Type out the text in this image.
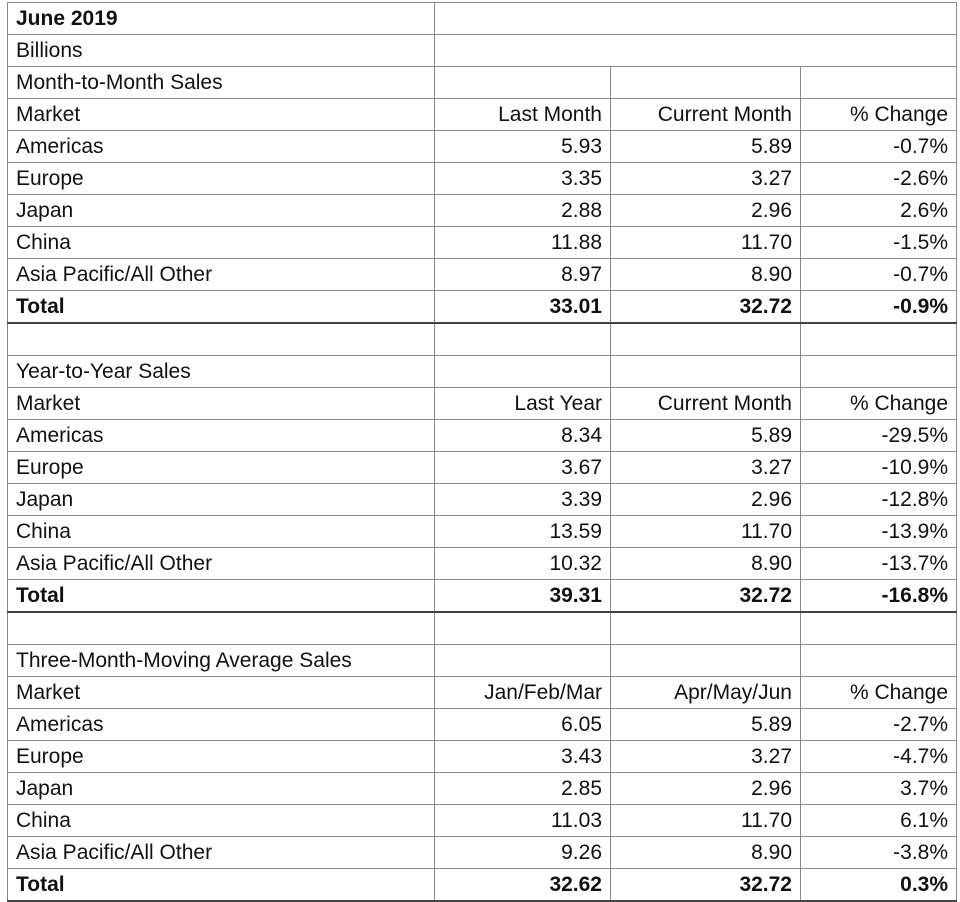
June 2019			
Billions			
Month-to-Month Sales			
Market	Last Month	Current Month	% Change
Americas	5.93	5.89	-0.7%
Europe	3.35	3.27	-2.6%
Japan	2.88	2.96	2.6%
China	11.88	11.70	-1.5%
Asia Pacific/All Other	8.97	8.90	-0.7%
Total	33.01	32.72	-0.9%

Year-to-Year Sales			
Market	Last Year	Current Month	% Change
Americas	8.34	5.89	-29.5%
Europe	3.67	3.27	-10.9%
Japan	3.39	2.96	-12.8%
China	13.59	11.70	-13.9%
Asia Pacific/All Other	10.32	8.90	-13.7%
Total	39.31	32.72	-16.8%

Three-Month-Moving Average Sales			
Market	Jan/Feb/Mar	Apr/May/Jun	% Change
Americas	6.05	5.89	-2.7%
Europe	3.43	3.27	-4.7%
Japan	2.85	2.96	3.7%
China	11.03	11.70	6.1%
Asia Pacific/All Other	9.26	8.90	-3.8%
Total	32.62	32.72	0.3%
